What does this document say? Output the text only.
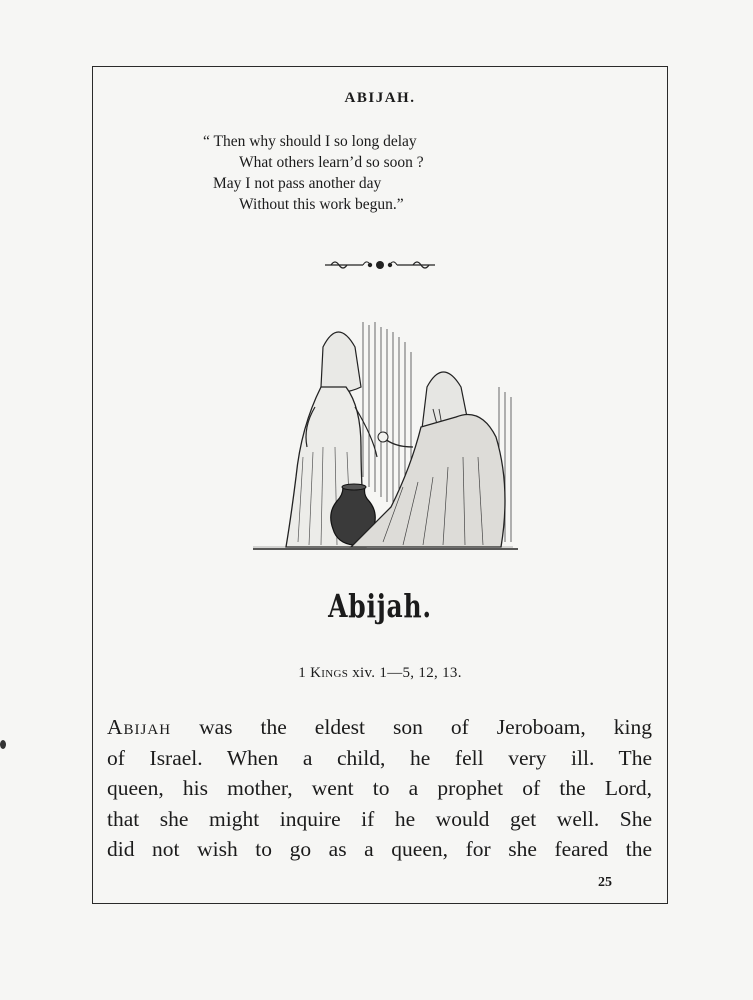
ABIJAH.
“ Then why should I so long delay
What others learn’d so soon ?
May I not pass another day
Without this work begun.”
Abijah.
1 Kings xiv. 1—5, 12, 13.
Abijah was the eldest son of Jeroboam, king
of Israel. When a child, he fell very ill. The
queen, his mother, went to a prophet of the Lord,
that she might inquire if he would get well. She
did not wish to go as a queen, for she feared the
25
